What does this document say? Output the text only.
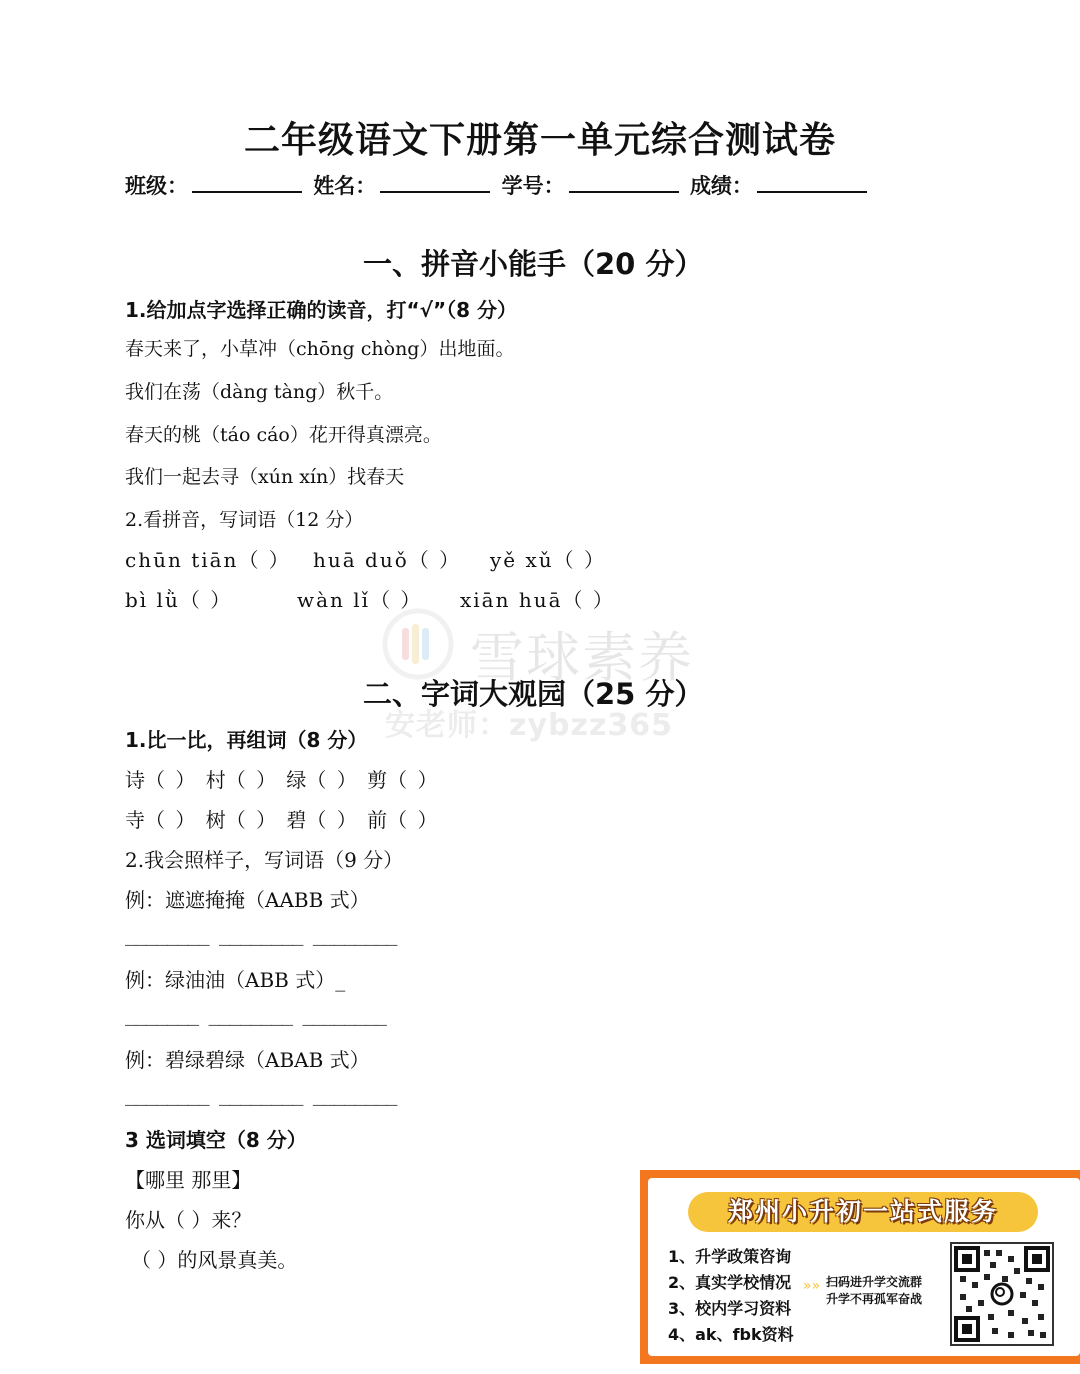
二年级语文下册第一单元综合测试卷
班级：	姓名：	学号：	成绩：
一、拼音小能手（20 分）
1.给加点字选择正确的读音，打“√”（8 分）
春天来了，小草冲（chōng chòng）出地面。
我们在荡（dàng tàng）秋千。
春天的桃（táo cáo）花开得真漂亮。
我们一起去寻（xún xín）找春天
2.看拼音，写词语（12 分）
chūn tiān（ ） huā duǒ（ ） yě xǔ（ ）
bì lǜ（ ）	wàn lǐ（ ） xiān huā（ ）
雪球素养
二、字词大观园（25 分）
安老师：zybzz365
1.比一比，再组词（8 分）
诗（ ） 村（ ） 绿（ ） 剪（ ）
寺（ ） 树（ ） 碧（ ） 前（ ）
2.我会照样子，写词语（9 分）
例：遮遮掩掩（AABB 式）
________ ________ ________
例：绿油油（ABB 式）_
_______ ________ ________
例：碧绿碧绿（ABAB 式）
________ ________ ________
3 选词填空（8 分）
【哪里 那里】
你从（ ）来？
（ ）的风景真美。
郑州小升初一站式服务
1、升学政策咨询
2、真实学校情况
3、校内学习资料
4、ak、fbk资料
»» 扫码进升学交流群
升学不再孤军奋战
